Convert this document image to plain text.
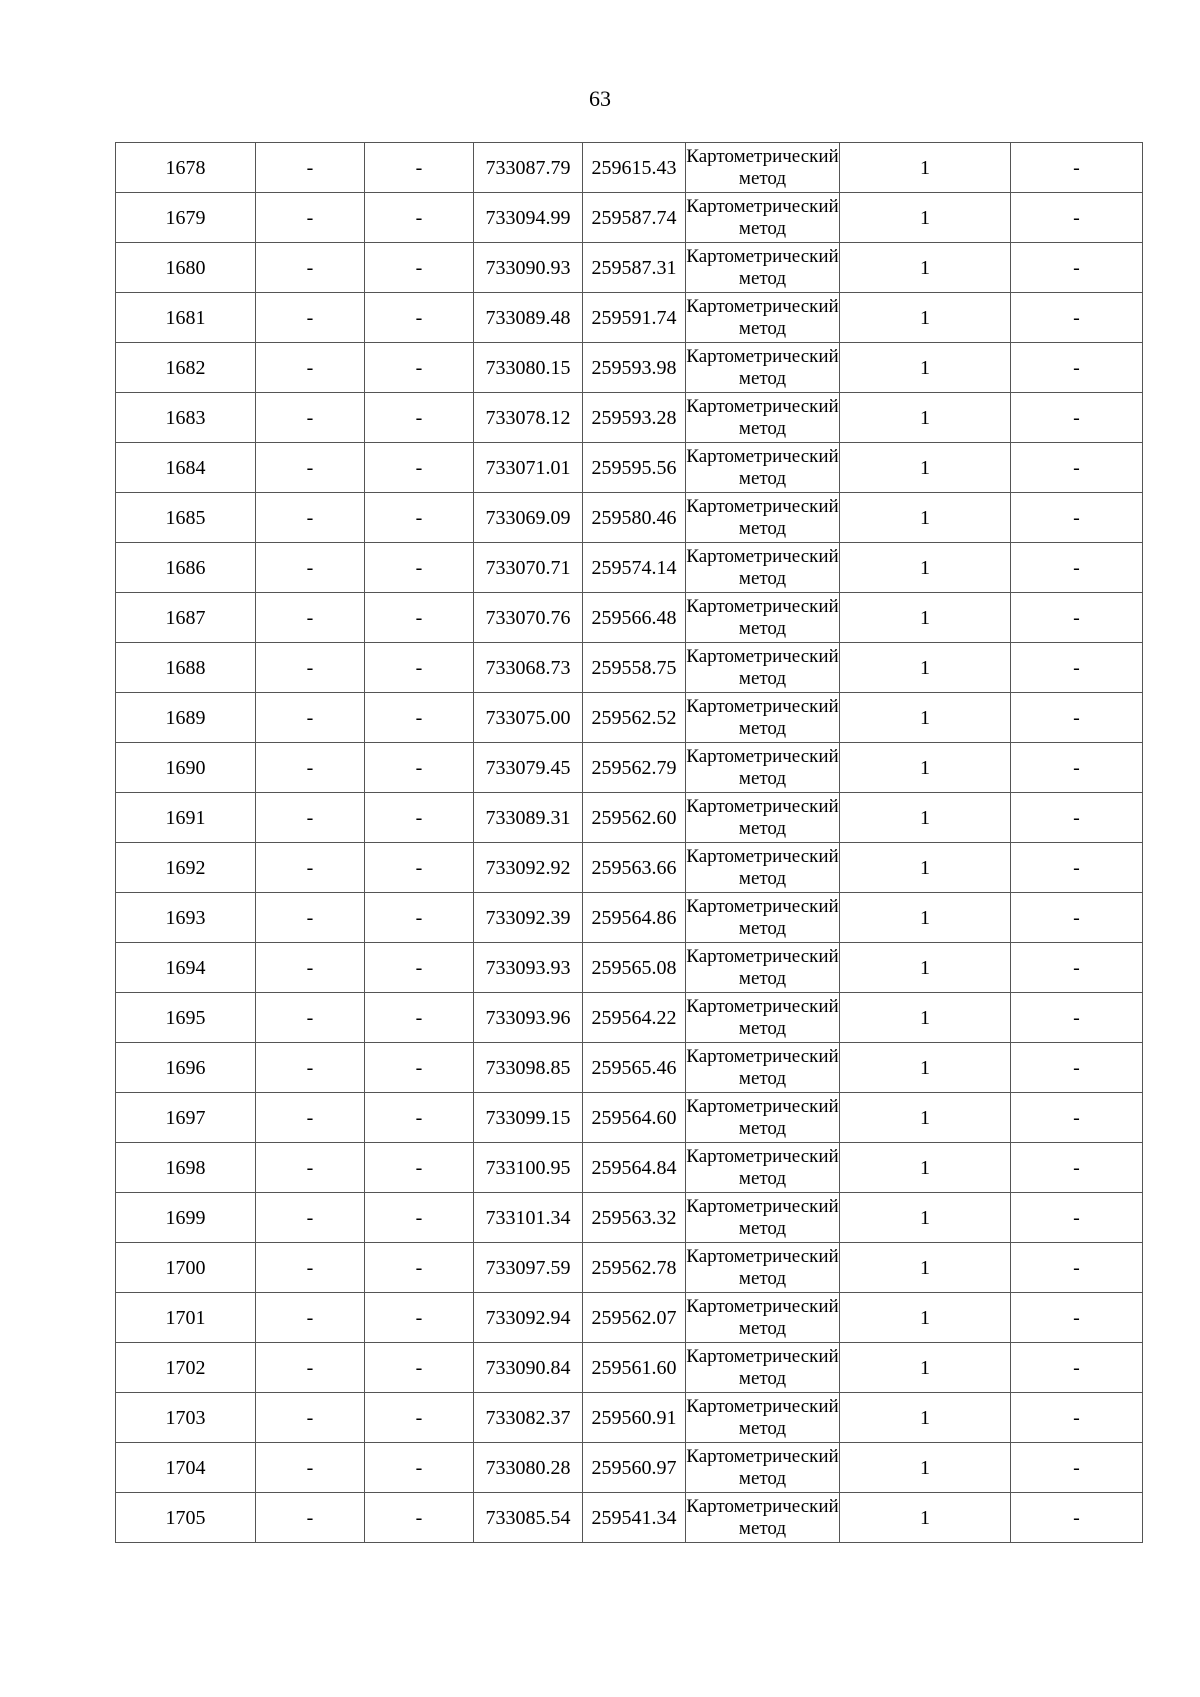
63
1678	-	-	733087.79	259615.43	Картометрический метод	1	-
1679	-	-	733094.99	259587.74	Картометрический метод	1	-
1680	-	-	733090.93	259587.31	Картометрический метод	1	-
1681	-	-	733089.48	259591.74	Картометрический метод	1	-
1682	-	-	733080.15	259593.98	Картометрический метод	1	-
1683	-	-	733078.12	259593.28	Картометрический метод	1	-
1684	-	-	733071.01	259595.56	Картометрический метод	1	-
1685	-	-	733069.09	259580.46	Картометрический метод	1	-
1686	-	-	733070.71	259574.14	Картометрический метод	1	-
1687	-	-	733070.76	259566.48	Картометрический метод	1	-
1688	-	-	733068.73	259558.75	Картометрический метод	1	-
1689	-	-	733075.00	259562.52	Картометрический метод	1	-
1690	-	-	733079.45	259562.79	Картометрический метод	1	-
1691	-	-	733089.31	259562.60	Картометрический метод	1	-
1692	-	-	733092.92	259563.66	Картометрический метод	1	-
1693	-	-	733092.39	259564.86	Картометрический метод	1	-
1694	-	-	733093.93	259565.08	Картометрический метод	1	-
1695	-	-	733093.96	259564.22	Картометрический метод	1	-
1696	-	-	733098.85	259565.46	Картометрический метод	1	-
1697	-	-	733099.15	259564.60	Картометрический метод	1	-
1698	-	-	733100.95	259564.84	Картометрический метод	1	-
1699	-	-	733101.34	259563.32	Картометрический метод	1	-
1700	-	-	733097.59	259562.78	Картометрический метод	1	-
1701	-	-	733092.94	259562.07	Картометрический метод	1	-
1702	-	-	733090.84	259561.60	Картометрический метод	1	-
1703	-	-	733082.37	259560.91	Картометрический метод	1	-
1704	-	-	733080.28	259560.97	Картометрический метод	1	-
1705	-	-	733085.54	259541.34	Картометрический метод	1	-
